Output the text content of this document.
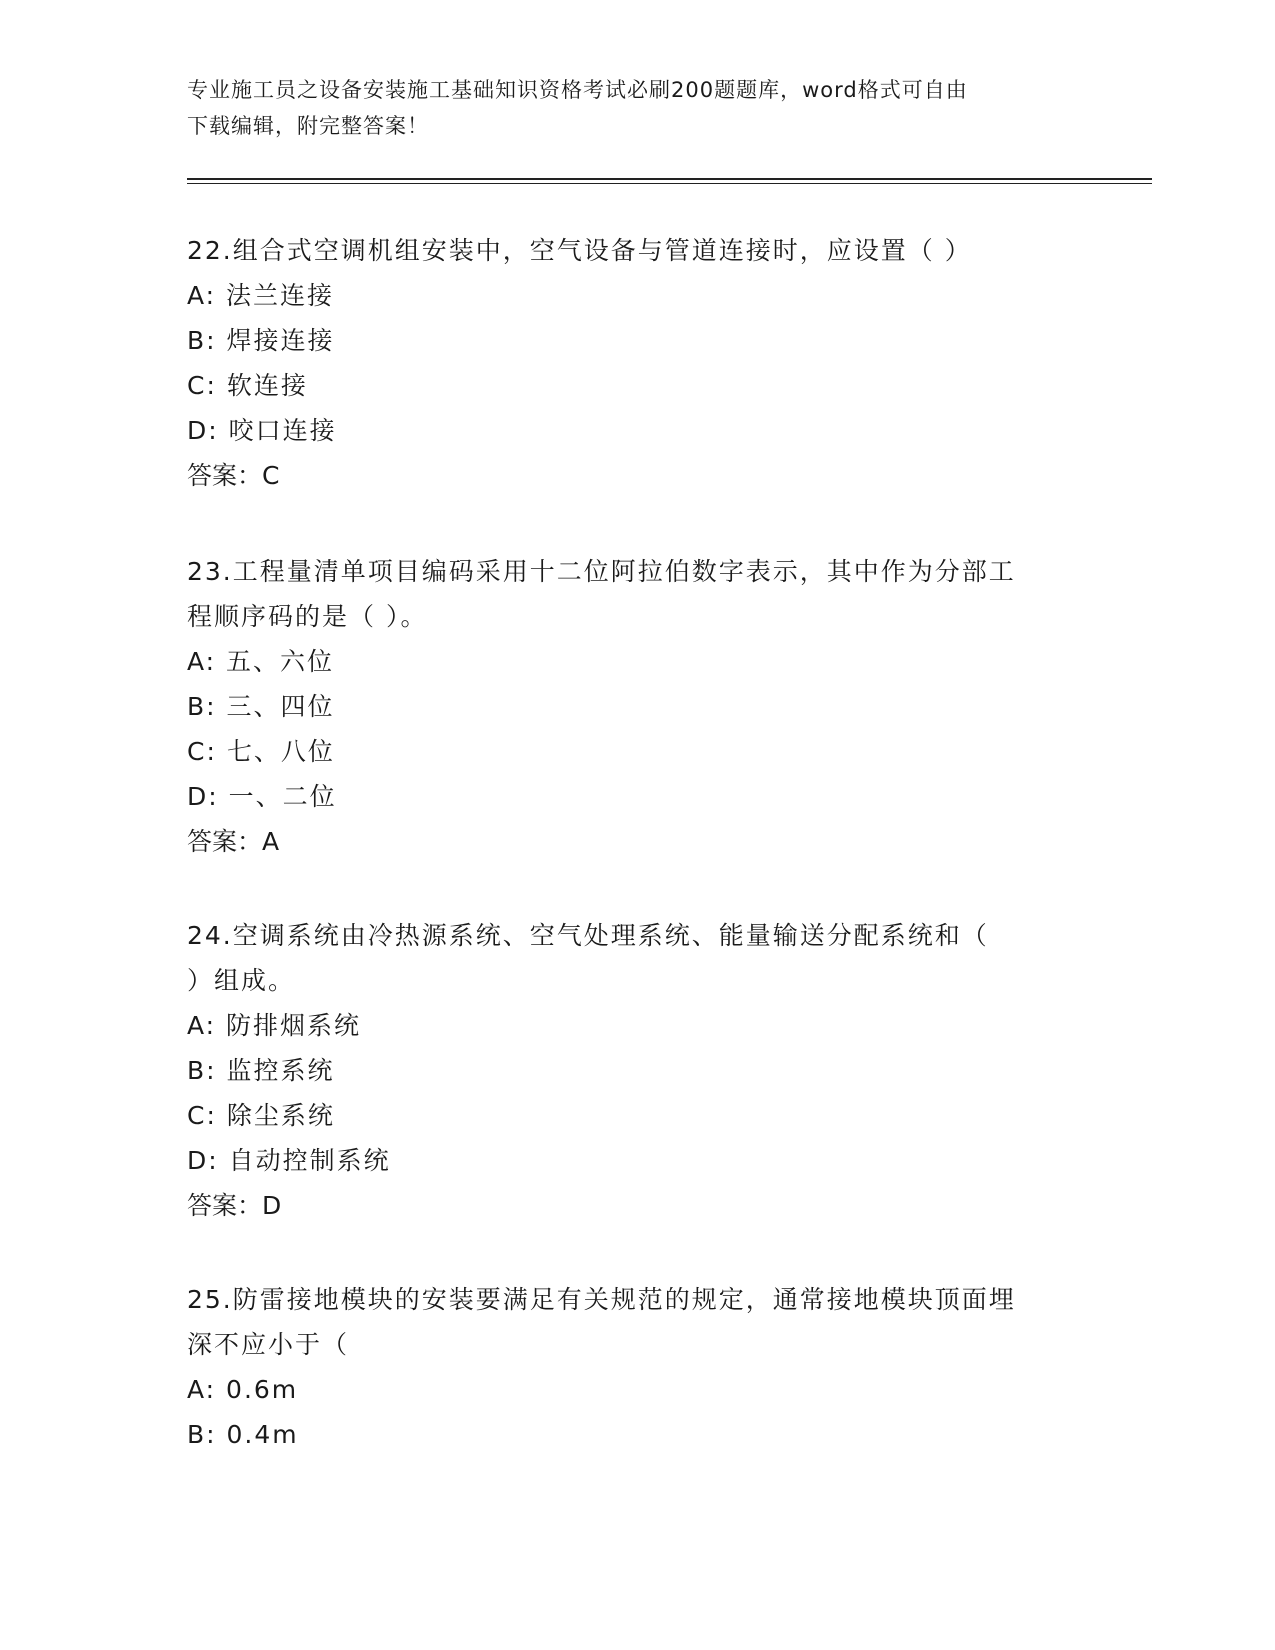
专业施工员之设备安装施工基础知识资格考试必刷200题题库，word格式可自由
下载编辑，附完整答案！

22.组合式空调机组安装中，空气设备与管道连接时，应设置（ ）

A: 法兰连接

B: 焊接连接

C: 软连接

D: 咬口连接

答案：C

23.工程量清单项目编码采用十二位阿拉伯数字表示，其中作为分部工

程顺序码的是（ ）。

A: 五、六位

B: 三、四位

C: 七、八位

D: 一、二位

答案：A

24.空调系统由冷热源系统、空气处理系统、能量输送分配系统和（

）组成。

A: 防排烟系统

B: 监控系统

C: 除尘系统

D: 自动控制系统

答案：D

25.防雷接地模块的安装要满足有关规范的规定，通常接地模块顶面埋

深不应小于（

A: 0.6m

B: 0.4m
